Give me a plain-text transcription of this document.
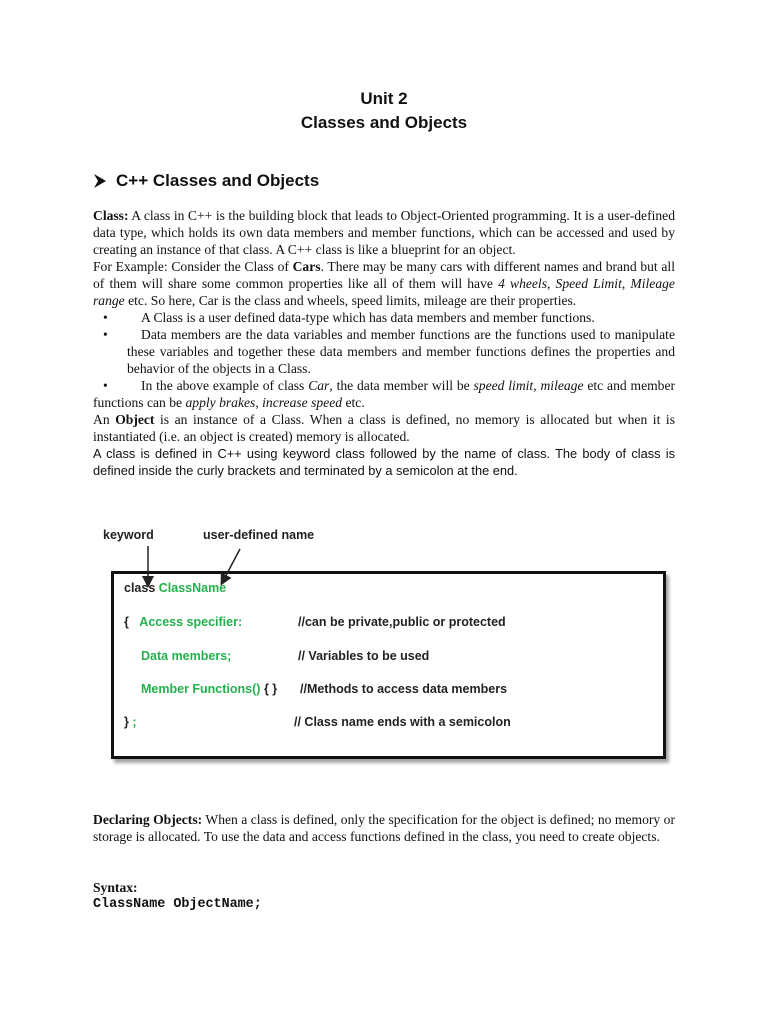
Unit 2
Classes and Objects
C++ Classes and Objects

Class: A class in C++ is the building block that leads to Object-Oriented programming. It is a user-defined data type, which holds its own data members and member functions, which can be accessed and used by creating an instance of that class. A C++ class is like a blueprint for an object.

For Example: Consider the Class of Cars. There may be many cars with different names and brand but all of them will share some common properties like all of them will have 4 wheels, Speed Limit, Mileage range etc. So here, Car is the class and wheels, speed limits, mileage are their properties.

• A Class is a user defined data-type which has data members and member functions.
• Data members are the data variables and member functions are the functions used to manipulate these variables and together these data members and member functions defines the properties and behavior of the objects in a Class.
• In the above example of class Car, the data member will be speed limit, mileage etc and member functions can be apply brakes, increase speed etc.

An Object is an instance of a Class. When a class is defined, no memory is allocated but when it is instantiated (i.e. an object is created) memory is allocated.

A class is defined in C++ using keyword class followed by the name of class. The body of class is defined inside the curly brackets and terminated by a semicolon at the end.

keyword	user-defined name
class ClassName
{ Access specifier:	//can be private,public or protected
Data members;	// Variables to be used
Member Functions() { } //Methods to access data members
} ;	// Class name ends with a semicolon

Declaring Objects: When a class is defined, only the specification for the object is defined; no memory or storage is allocated. To use the data and access functions defined in the class, you need to create objects.

Syntax:

ClassName ObjectName;
